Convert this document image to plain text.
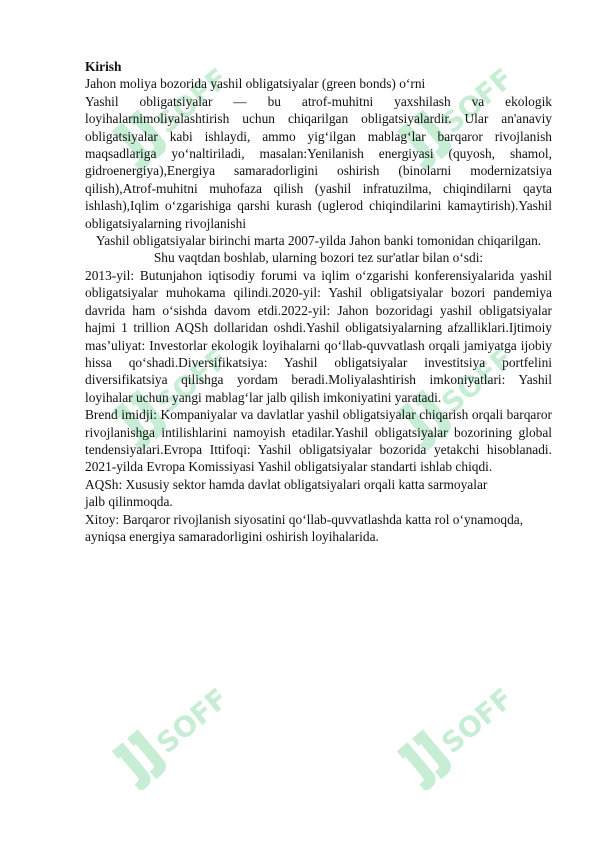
SOFF	SOFF
SOFF	SOFF
SOFF	SOFF

Kirish

Jahon moliya bozorida yashil obligatsiyalar (green bonds) o‘rni

Yashil obligatsiyalar — bu atrof-muhitni yaxshilash va ekologik loyihalarnimoliyalashtirish uchun chiqarilgan obligatsiyalardir. Ular an'anaviy obligatsiyalar kabi ishlaydi, ammo yig‘ilgan mablag‘lar barqaror rivojlanish maqsadlariga yo‘naltiriladi, masalan:Yenilanish energiyasi (quyosh, shamol, gidroenergiya),Energiya samaradorligini oshirish (binolarni modernizatsiya qilish),Atrof-muhitni muhofaza qilish (yashil infratuzilma, chiqindilarni qayta ishlash),Iqlim o‘zgarishiga qarshi kurash (uglerod chiqindilarini kamaytirish).Yashil obligatsiyalarning rivojlanishi

Yashil obligatsiyalar birinchi marta 2007-yilda Jahon banki tomonidan chiqarilgan. Shu vaqtdan boshlab, ularning bozori tez sur'atlar bilan o‘sdi:

2013-yil: Butunjahon iqtisodiy forumi va iqlim o‘zgarishi konferensiyalarida yashil obligatsiyalar muhokama qilindi.2020-yil: Yashil obligatsiyalar bozori pandemiya davrida ham o‘sishda davom etdi.2022-yil: Jahon bozoridagi yashil obligatsiyalar hajmi 1 trillion AQSh dollaridan oshdi.Yashil obligatsiyalarning afzalliklari.Ijtimoiy mas’uliyat: Investorlar ekologik loyihalarni qo‘llab-quvvatlash orqali jamiyatga ijobiy hissa qo‘shadi.Diversifikatsiya: Yashil obligatsiyalar investitsiya portfelini diversifikatsiya qilishga yordam beradi.Moliyalashtirish imkoniyatlari: Yashil loyihalar uchun yangi mablag‘lar jalb qilish imkoniyatini yaratadi.

Brend imidji: Kompaniyalar va davlatlar yashil obligatsiyalar chiqarish orqali barqaror rivojlanishga intilishlarini namoyish etadilar.Yashil obligatsiyalar bozorining global tendensiyalari.Evropa Ittifoqi: Yashil obligatsiyalar bozorida yetakchi hisoblanadi. 2021-yilda Evropa Komissiyasi Yashil obligatsiyalar standarti ishlab chiqdi.

AQSh: Xususiy sektor hamda davlat obligatsiyalari orqali katta sarmoyalar jalb qilinmoqda.

Xitoy: Barqaror rivojlanish siyosatini qo‘llab-quvvatlashda katta rol o‘ynamoqda, ayniqsa energiya samaradorligini oshirish loyihalarida.
